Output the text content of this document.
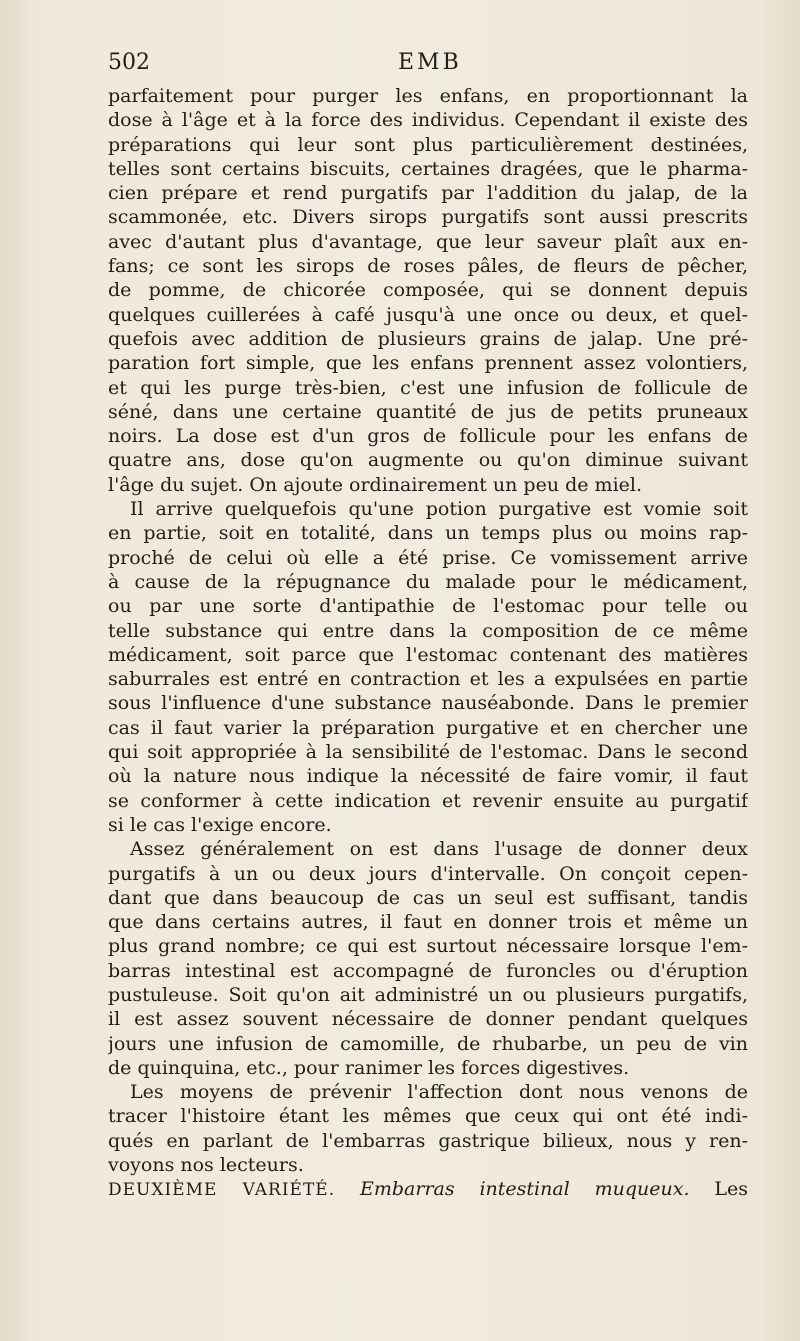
502	EMB
parfaitement pour purger les enfans, en proportionnant la
dose à l'âge et à la force des individus. Cependant il existe des
préparations qui leur sont plus particulièrement destinées,
telles sont certains biscuits, certaines dragées, que le pharma-
cien prépare et rend purgatifs par l'addition du jalap, de la
scammonée, etc. Divers sirops purgatifs sont aussi prescrits
avec d'autant plus d'avantage, que leur saveur plaît aux en-
fans; ce sont les sirops de roses pâles, de fleurs de pêcher,
de pomme, de chicorée composée, qui se donnent depuis
quelques cuillerées à café jusqu'à une once ou deux, et quel-
quefois avec addition de plusieurs grains de jalap. Une pré-
paration fort simple, que les enfans prennent assez volontiers,
et qui les purge très-bien, c'est une infusion de follicule de
séné, dans une certaine quantité de jus de petits pruneaux
noirs. La dose est d'un gros de follicule pour les enfans de
quatre ans, dose qu'on augmente ou qu'on diminue suivant
l'âge du sujet. On ajoute ordinairement un peu de miel.
Il arrive quelquefois qu'une potion purgative est vomie soit
en partie, soit en totalité, dans un temps plus ou moins rap-
proché de celui où elle a été prise. Ce vomissement arrive
à cause de la répugnance du malade pour le médicament,
ou par une sorte d'antipathie de l'estomac pour telle ou
telle substance qui entre dans la composition de ce même
médicament, soit parce que l'estomac contenant des matières
saburrales est entré en contraction et les a expulsées en partie
sous l'influence d'une substance nauséabonde. Dans le premier
cas il faut varier la préparation purgative et en chercher une
qui soit appropriée à la sensibilité de l'estomac. Dans le second
où la nature nous indique la nécessité de faire vomir, il faut
se conformer à cette indication et revenir ensuite au purgatif
si le cas l'exige encore.
Assez généralement on est dans l'usage de donner deux
purgatifs à un ou deux jours d'intervalle. On conçoit cepen-
dant que dans beaucoup de cas un seul est suffisant, tandis
que dans certains autres, il faut en donner trois et même un
plus grand nombre; ce qui est surtout nécessaire lorsque l'em-
barras intestinal est accompagné de furoncles ou d'éruption
pustuleuse. Soit qu'on ait administré un ou plusieurs purgatifs,
il est assez souvent nécessaire de donner pendant quelques
jours une infusion de camomille, de rhubarbe, un peu de vin
de quinquina, etc., pour ranimer les forces digestives.
Les moyens de prévenir l'affection dont nous venons de
tracer l'histoire étant les mêmes que ceux qui ont été indi-
qués en parlant de l'embarras gastrique bilieux, nous y ren-
voyons nos lecteurs.
DEUXIÈME VARIÉTÉ. Embarras intestinal muqueux. Les
